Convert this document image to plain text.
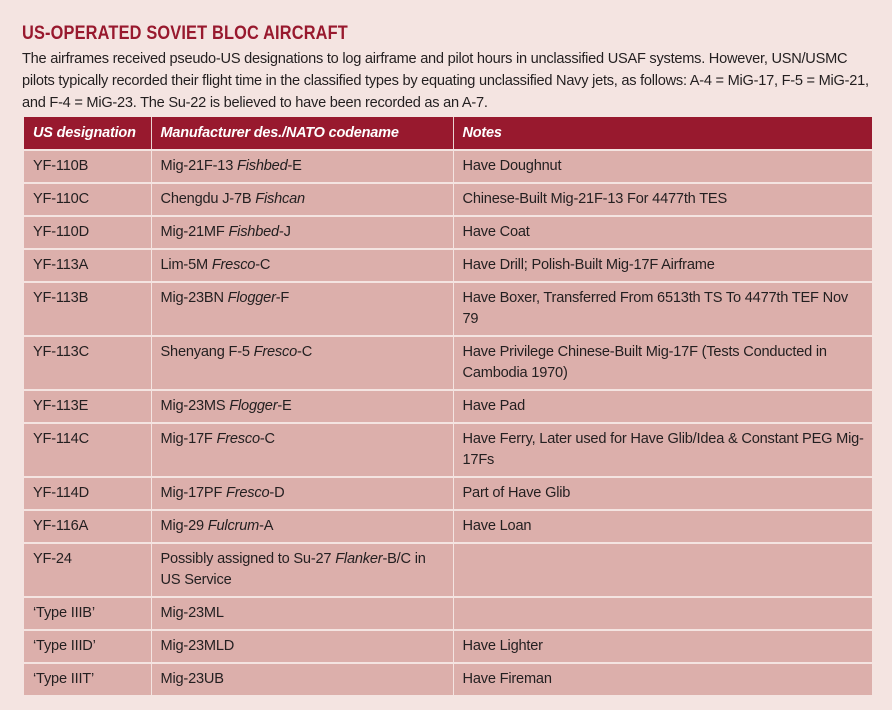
US-OPERATED SOVIET BLOC AIRCRAFT

The airframes received pseudo-US designations to log airframe and pilot hours in unclassified USAF systems. However, USN/USMC pilots typically recorded their flight time in the classified types by equating unclassified Navy jets, as follows: A-4 = MiG-17, F-5 = MiG-21, and F-4 = MiG-23. The Su-22 is believed to have been recorded as an A-7.

US designation	Manufacturer des./NATO codename	Notes
YF-110B	Mig-21F-13 Fishbed-E	Have Doughnut
YF-110C	Chengdu J-7B Fishcan	Chinese-Built Mig-21F-13 For 4477th TES
YF-110D	Mig-21MF Fishbed-J	Have Coat
YF-113A	Lim-5M Fresco-C	Have Drill; Polish-Built Mig-17F Airframe
YF-113B	Mig-23BN Flogger-F	Have Boxer, Transferred From 6513th TS To 4477th TEF Nov 79
YF-113C	Shenyang F-5 Fresco-C	Have Privilege Chinese-Built Mig-17F (Tests Conducted in Cambodia 1970)
YF-113E	Mig-23MS Flogger-E	Have Pad
YF-114C	Mig-17F Fresco-C	Have Ferry, Later used for Have Glib/Idea & Constant PEG Mig-17Fs
YF-114D	Mig-17PF Fresco-D	Part of Have Glib
YF-116A	Mig-29 Fulcrum-A	Have Loan
YF-24	Possibly assigned to Su-27 Flanker-B/C in US Service	
‘Type IIIB’	Mig-23ML	
‘Type IIID’	Mig-23MLD	Have Lighter
‘Type IIIT’	Mig-23UB	Have Fireman
